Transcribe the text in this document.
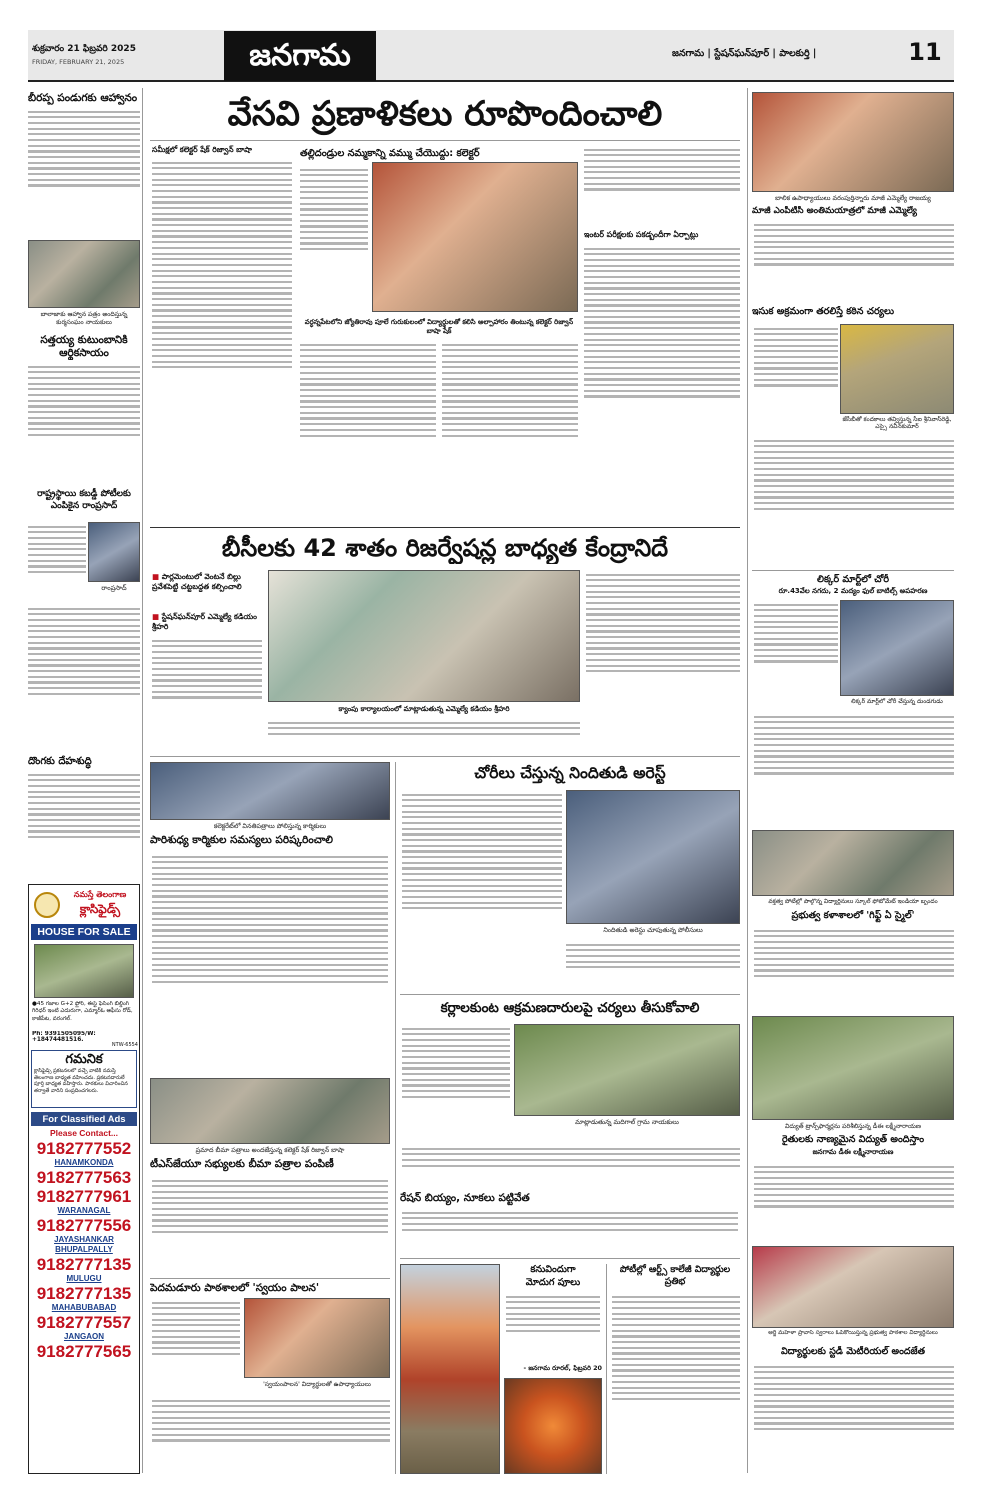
శుక్రవారం 21 ఫిబ్రవరి 2025
FRIDAY, FEBRUARY 21, 2025	జనగామ	జనగామ | స్టేషన్‌ఘన్‌పూర్ | పాలకుర్తి |	11
బీరప్ప పండుగకు ఆహ్వానం
బాలాజాకు ఆహ్వాన పత్రం అందిస్తున్న కుర్మసంఘం నాయకులు
సత్తయ్య కుటుంబానికి ఆర్థికసాయం
రాష్ట్రస్థాయి కబడ్డీ పోటీలకు ఎంపికైన రాంప్రసాద్
రాంప్రసాద్
దొంగకు దేహశుద్ధి
నమస్తే తెలంగాణ
క్లాసిఫైడ్స్
HOUSE FOR SALE
●45 గజాల G+2 ఫ్లోర్, ఈస్ట్ ఫేసింగ్ బిల్డింగ్ గిరిధర్ ఇంటి ఎదురుగా, ఎమ్మార్ఓ ఆఫీసు రోడ్, కాజీపేట, వరంగల్.
Ph: 9391505095/W: +18474481516.
NTW-6554
గమనిక
క్లాసిఫైడ్స్ ప్రకటనలలో వచ్చే వాటికి నమస్తే తెలంగాణ బాధ్యత వహించదు. ప్రకటనదారులే పూర్తి బాధ్యత వహిస్తారు. పాఠకులు విచారించిన తర్వాతే వారిని సంప్రదించగలరు.
For Classified Ads
Please Contact...
9182777552
HANAMKONDA
9182777563
9182777961
WARANAGAL
9182777556
JAYASHANKAR BHUPALPALLY
9182777135
MULUGU
9182777135
MAHABUBABAD
9182777557
JANGAON
9182777565
వేసవి ప్రణాళికలు రూపొందించాలి
సమీక్షలో కలెక్టర్ షేక్ రిజ్వాన్ బాషా	తల్లిదండ్రుల నమ్మకాన్ని వమ్ము చేయొద్దు: కలెక్టర్
వర్ధన్నపేటలోని జ్యోతిరావు పూలే గురుకులంలో విద్యార్థులతో కలిసి అల్పాహారం తింటున్న కలెక్టర్ రిజ్వాన్ బాషా షేక్
ఇంటర్ పరీక్షలకు పకడ్బందీగా ఏర్పాట్లు
బీసీలకు 42 శాతం రిజర్వేషన్ల బాధ్యత కేంద్రానిదే
■ పార్లమెంటులో వెంటనే బిల్లు ప్రవేశపెట్టి చట్టబద్ధత కల్పించాలి
■ స్టేషన్‌ఘన్‌పూర్ ఎమ్మెల్యే కడియం శ్రీహరి
క్యాంపు కార్యాలయంలో మాట్లాడుతున్న ఎమ్మెల్యే కడియం శ్రీహరి
కలెక్టరేట్‌లో వినతిపత్రాలు పోలిస్తున్న కార్మికులు
పారిశుధ్య కార్మికుల సమస్యలు పరిష్కరించాలి
ప్రమాద బీమా పత్రాలు అందజేస్తున్న కలెక్టర్ షేక్ రిజ్వాన్ బాషా
టీఎస్‌జేయూ సభ్యులకు బీమా పత్రాల పంపిణీ
పెదమడూరు పాఠశాలలో 'స్వయం పాలన'
'స్వయంపాలన' విద్యార్థులతో ఉపాధ్యాయులు
చోరీలు చేస్తున్న నిందితుడి అరెస్ట్
నిందితుడి అరెస్టు చూపుతున్న పోలీసులు
కర్లాలకుంట ఆక్రమణదారులపై చర్యలు తీసుకోవాలి
మాట్లాడుతున్న మదిగాల్ గ్రామ నాయకులు
రేషన్ బియ్యం, నూకలు పట్టివేత
కనువిందుగా
మోదుగ పూలు
- జనగామ రూరల్, ఫిబ్రవరి 20
పోటీల్లో ఆర్ట్స్ కాలేజీ విద్యార్థుల ప్రతిభ
బాలిక ఉపాధ్యాయులు వరంపుర్తిన్నారు మాజీ ఎమ్మెల్యే రాజయ్య
మాజీ ఎంపీటీసీ అంతిమయాత్రలో మాజీ ఎమ్మెల్యే
ఇసుక అక్రమంగా తరలిస్తే కఠిన చర్యలు
జేసీబీతో కందకాలు తవ్విస్తున్న సీఐ శ్రీనివాస్‌రెడ్డి, ఎస్సై నవీన్‌కుమార్
లిక్కర్ మార్ట్‌లో చోరీ
రూ.43వేల నగదు, 2 మద్యం ఫుల్ బాటిల్స్ అపహరణ
లిక్కర్ మార్ట్‌లో చోరీ చేస్తున్న దుండగుడు
వక్తత్వ పోటీల్లో పాల్గొన్న విద్యార్థినులు స్కూల్ ఫోటోమేట్ ఇండియా బృందం
ప్రభుత్వ కళాశాలలో 'గిఫ్ట్ ఏ స్మైల్'
విద్యుత్ ట్రాన్స్‌ఫార్మర్లను పరిశీలిస్తున్న డీఈ లక్ష్మీనారాయణ
రైతులకు నాణ్యమైన విద్యుత్ అందిస్తాం
జనగామ డీఈ లక్ష్మీనారాయణ
అర్జీ మహిళా ప్రావాస్ స్వరాలు ఓపికోయిస్తున్న ప్రభుత్వ పాఠశాల విద్యార్థినులు
విద్యార్థులకు స్టడీ మెటీరియల్ అందజేత
